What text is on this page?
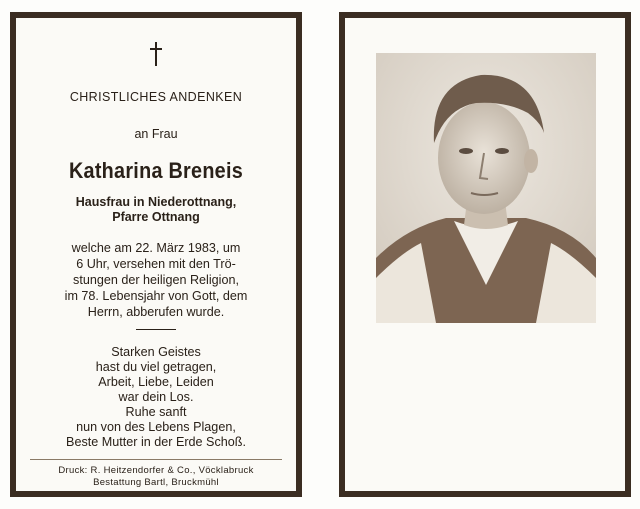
CHRISTLICHES ANDENKEN
an Frau
Katharina Breneis
Hausfrau in Niederottnang,
Pfarre Ottnang
welche am 22. März 1983, um
6 Uhr, versehen mit den Trö-
stungen der heiligen Religion,
im 78. Lebensjahr von Gott, dem
Herrn, abberufen wurde.
Starken Geistes
hast du viel getragen,
Arbeit, Liebe, Leiden
war dein Los.
Ruhe sanft
nun von des Lebens Plagen,
Beste Mutter in der Erde Schoß.
Druck: R. Heitzendorfer & Co., Vöcklabruck
Bestattung Bartl, Bruckmühl
